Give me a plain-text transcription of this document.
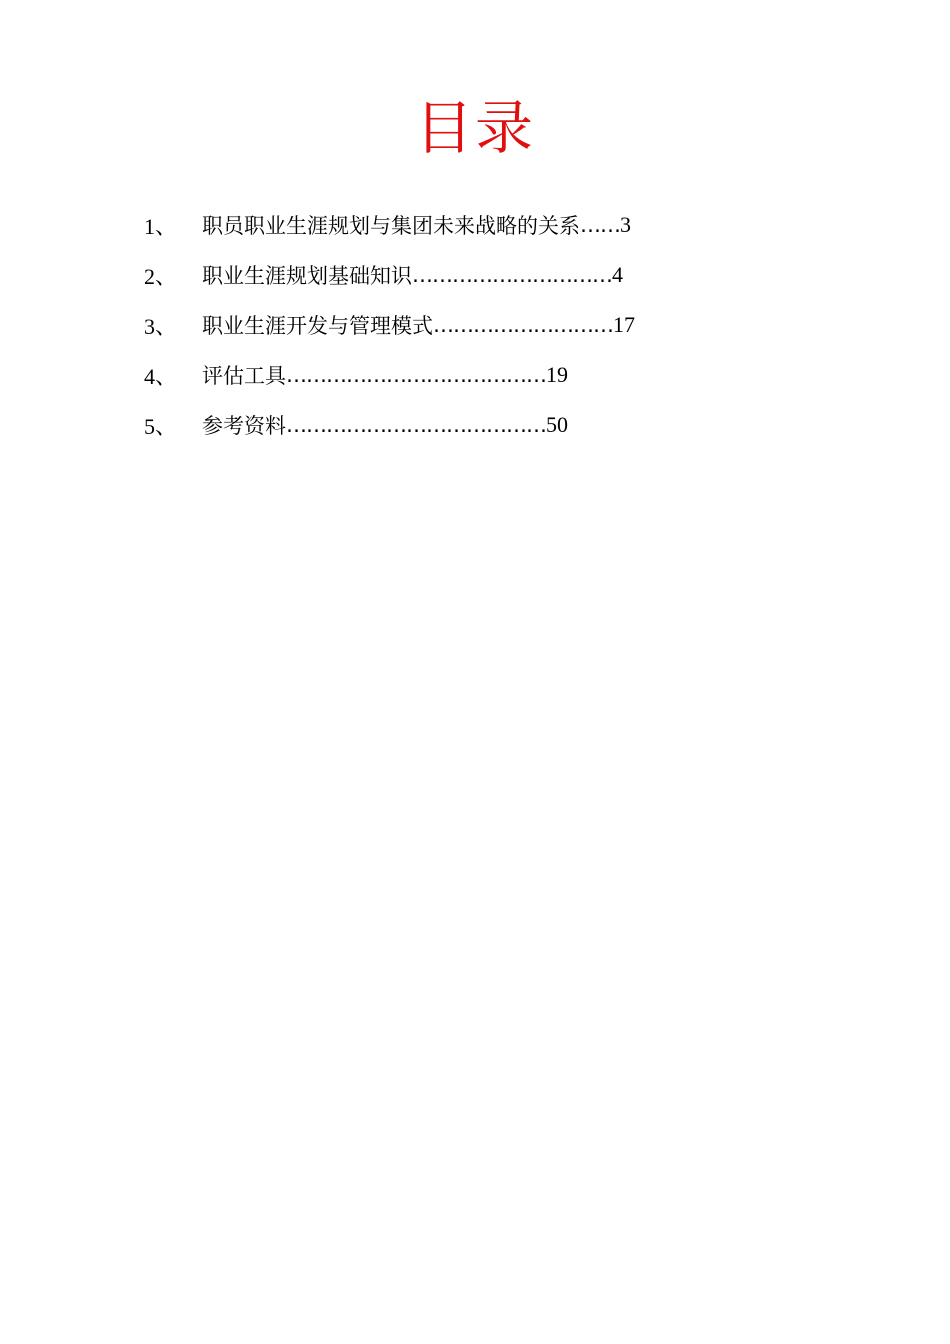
目录
1、	职员职业生涯规划与集团未来战略的关系 …… 3
2、	职业生涯规划基础知识 ………………………… 4
3、	职业生涯开发与管理模式 ……………………… 17
4、	评估工具 ………………………………… 19
5、	参考资料 ………………………………… 50
